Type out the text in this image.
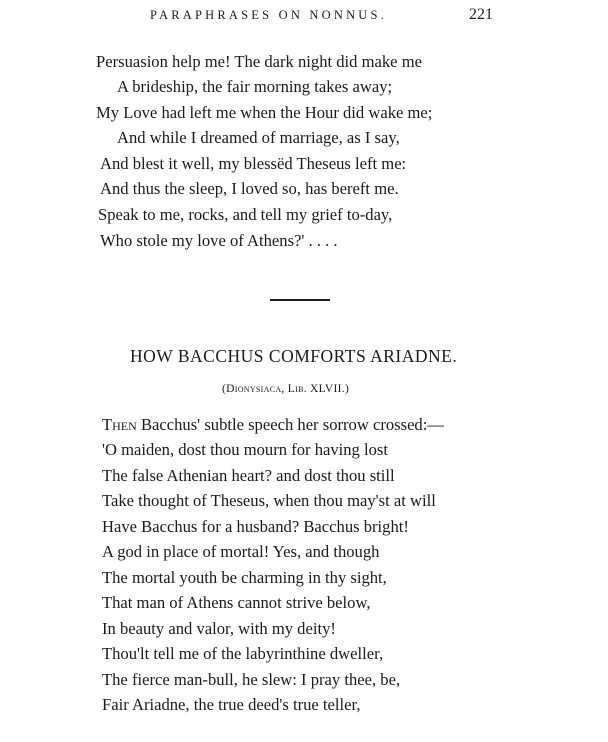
PARAPHRASES ON NONNUS.	221
Persuasion help me! The dark night did make me
A brideship, the fair morning takes away;
My Love had left me when the Hour did wake me;
And while I dreamed of marriage, as I say,
And blest it well, my blessëd Theseus left me:
And thus the sleep, I loved so, has bereft me.
Speak to me, rocks, and tell my grief to-day,
Who stole my love of Athens?' . . . .
HOW BACCHUS COMFORTS ARIADNE.
(Dionysiaca, Lib. XLVII.)
Then Bacchus' subtle speech her sorrow crossed:—
'O maiden, dost thou mourn for having lost
The false Athenian heart? and dost thou still
Take thought of Theseus, when thou may'st at will
Have Bacchus for a husband? Bacchus bright!
A god in place of mortal! Yes, and though
The mortal youth be charming in thy sight,
That man of Athens cannot strive below,
In beauty and valor, with my deity!
Thou'lt tell me of the labyrinthine dweller,
The fierce man-bull, he slew: I pray thee, be,
Fair Ariadne, the true deed's true teller,
